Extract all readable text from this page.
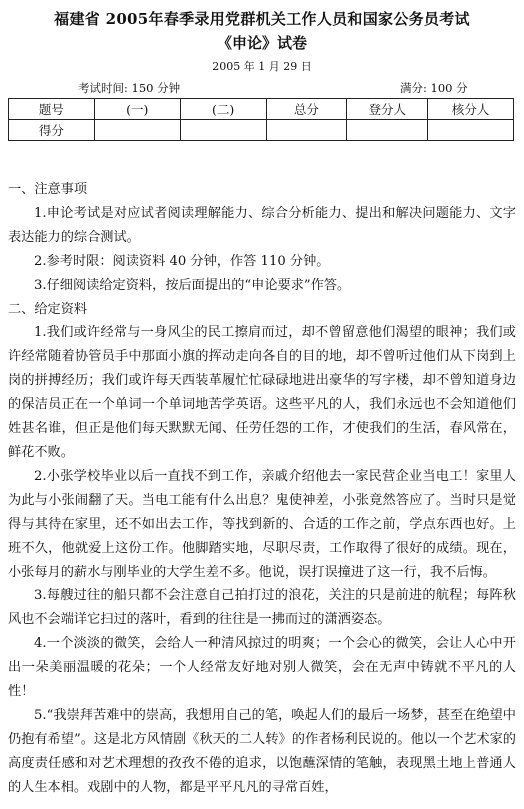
福建省 2005年春季录用党群机关工作人员和国家公务员考试
《申论》试卷
2005 年 1 月 29 日
考试时间: 150 分钟	满分: 100 分
题号	(一)	(二)	总分	登分人	核分人
得分					

一、注意事项

1.申论考试是对应试者阅读理解能力、综合分析能力、提出和解决问题能力、文字表达能力的综合测试。

2.参考时限：阅读资料 40 分钟，作答 110 分钟。

3.仔细阅读给定资料，按后面提出的“申论要求”作答。

二、给定资料

1.我们或许经常与一身风尘的民工擦肩而过，却不曾留意他们渴望的眼神；我们或许经常随着协管员手中那面小旗的挥动走向各自的目的地，却不曾听过他们从下岗到上岗的拼搏经历；我们或许每天西装革履忙忙碌碌地进出豪华的写字楼，却不曾知道身边的保洁员正在一个单词一个单词地苦学英语。这些平凡的人，我们永远也不会知道他们姓甚名谁，但正是他们每天默默无闻、任劳任怨的工作，才使我们的生活，春风常在，鲜花不败。

2.小张学校毕业以后一直找不到工作，亲戚介绍他去一家民营企业当电工！家里人为此与小张闹翻了天。当电工能有什么出息？鬼使神差，小张竟然答应了。当时只是觉得与其待在家里，还不如出去工作，等找到新的、合适的工作之前，学点东西也好。上班不久，他就爱上这份工作。他脚踏实地，尽职尽责，工作取得了很好的成绩。现在，小张每月的薪水与刚毕业的大学生差不多。他说，误打误撞进了这一行，我不后悔。

3.每艘过往的船只都不会注意自己拍打过的浪花，关注的只是前进的航程；每阵秋风也不会端详它扫过的落叶，看到的往往是一拂而过的潇洒姿态。

4.一个淡淡的微笑，会给人一种清风掠过的明爽；一个会心的微笑，会让人心中开出一朵美丽温暖的花朵；一个人经常友好地对别人微笑，会在无声中铸就不平凡的人性！

5.“我崇拜苦难中的崇高，我想用自己的笔，唤起人们的最后一场梦，甚至在绝望中仍抱有希望”。这是北方风情剧《秋天的二人转》的作者杨利民说的。他以一个艺术家的高度责任感和对艺术理想的孜孜不倦的追求，以饱蘸深情的笔触，表现黑土地上普通人的人生本相。戏剧中的人物，都是平平凡凡的寻常百姓，
